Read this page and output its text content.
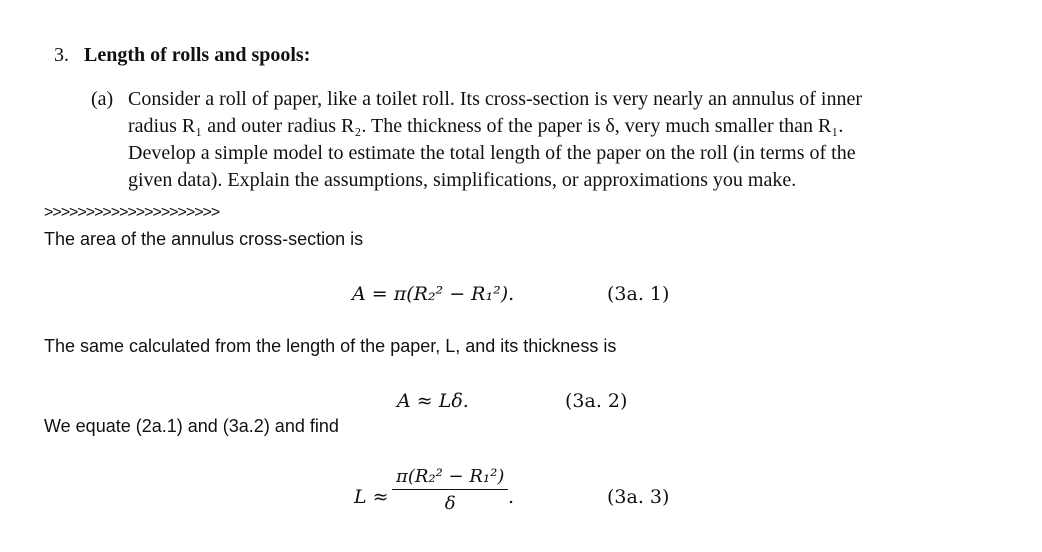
3. Length of rolls and spools:
(a) Consider a roll of paper, like a toilet roll. Its cross-section is very nearly an annulus of inner
radius R₁ and outer radius R₂. The thickness of the paper is δ, very much smaller than R₁.
Develop a simple model to estimate the total length of the paper on the roll (in terms of the
given data). Explain the assumptions, simplifications, or approximations you make.
>>>>>>>>>>>>>>>>>>>>>
The area of the annulus cross-section is
A = π(R₂² − R₁²).	(3a. 1)
The same calculated from the length of the paper, L, and its thickness is
A ≈ Lδ.	(3a. 2)
We equate (2a.1) and (3a.2) and find
L ≈
π(R₂² − R₁²)
δ	.	(3a. 3)
